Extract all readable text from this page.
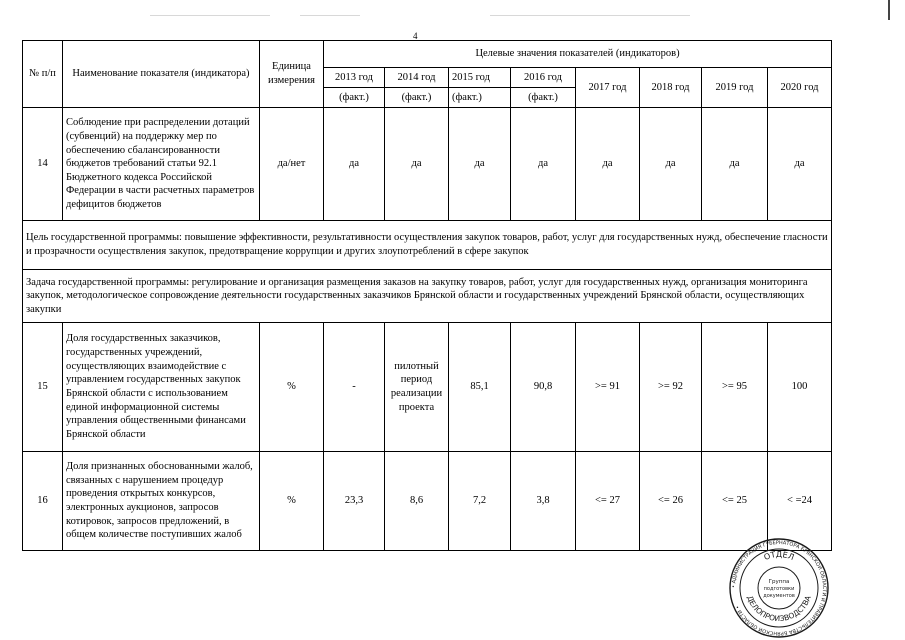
4
№ п/п	Наименование показателя (индикатора)	Единица измерения	Целевые значения показателей (индикаторов)							
			2013 год	2014 год	2015 год	2016 год	2017 год	2018 год	2019 год	2020 год
			(факт.)	(факт.)	(факт.)	(факт.)				
14	Соблюдение при распределении дотаций (субвенций) на поддержку мер по обеспечению сбалансированности бюджетов требований статьи 92.1 Бюджетного кодекса Российской Федерации в части расчетных параметров дефицитов бюджетов	да/нет	да	да	да	да	да	да	да	да
Цель государственной программы: повышение эффективности, результативности осуществления закупок товаров, работ, услуг для государственных нужд, обеспечение гласности и прозрачности осуществления закупок, предотвращение коррупции и других злоупотреблений в сфере закупок										
Задача государственной программы: регулирование и организация размещения заказов на закупку товаров, работ, услуг для государственных нужд, организация мониторинга закупок, методологическое сопровождение деятельности государственных заказчиков Брянской области и государственных учреждений Брянской области, осуществляющих закупки										
15	Доля государственных заказчиков, государственных учреждений, осуществляющих взаимодействие с управлением государственных закупок Брянской области с использованием единой информационной системы управления общественными финансами Брянской области	%	-	пилотный период реализации проекта	85,1	90,8	>= 91	>= 92	>= 95	100
16	Доля признанных обоснованными жалоб, связанных с нарушением процедур проведения открытых конкурсов, электронных аукционов, запросов котировок, запросов предложений, в общем количестве поступивших жалоб	%	23,3	8,6	7,2	3,8	<= 27	<= 26	<= 25	< =24
• АДМИНИСТРАЦИЯ ГУБЕРНАТОРА БРЯНСКОЙ ОБЛАСТИ И ПРАВИТЕЛЬСТВА БРЯНСКОЙ ОБЛАСТИ •
ОТДЕЛ
ДЕЛОПРОИЗВОДСТВА
Группа
подготовки
документов
